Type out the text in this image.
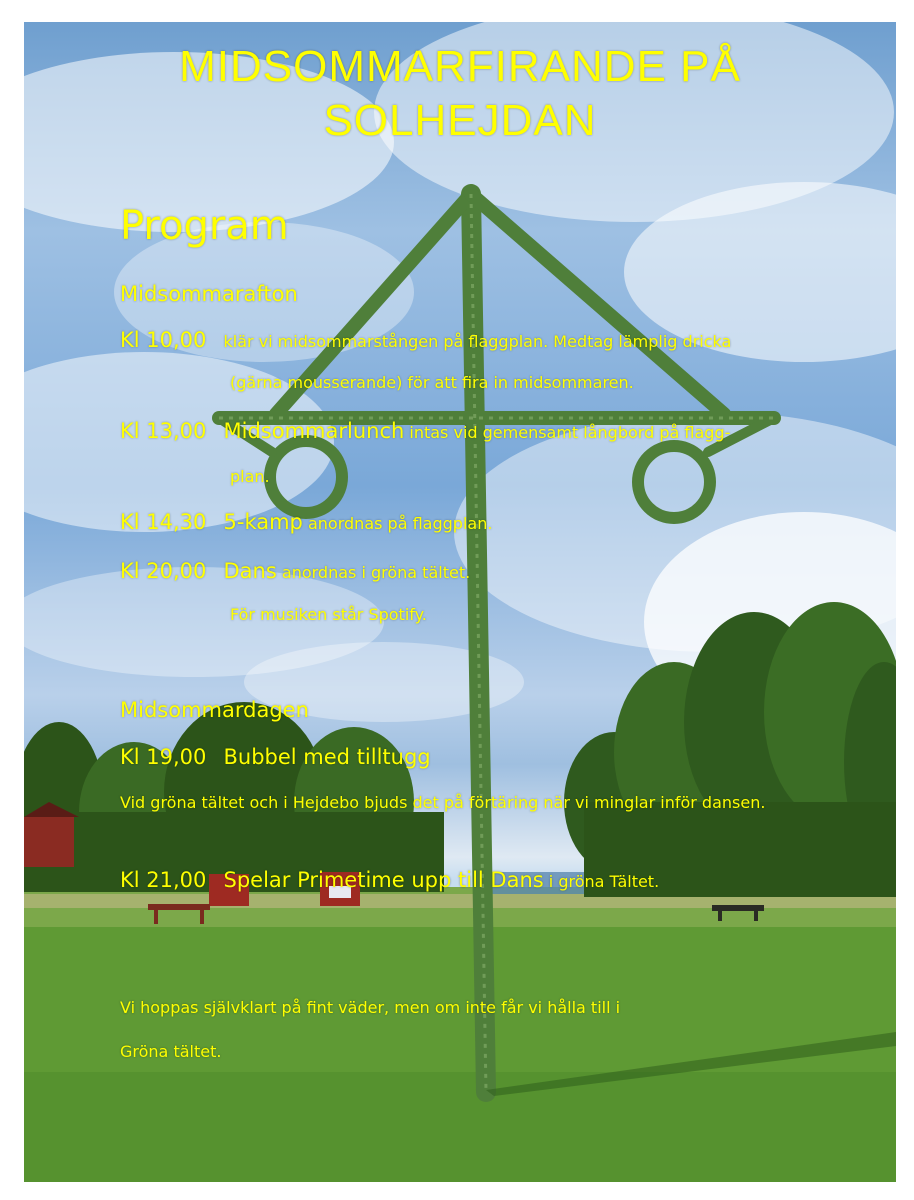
MIDSOMMARFIRANDE PÅ
SOLHEJDAN
Program
Midsommarafton
Kl 10,00 klär vi midsommarstången på flaggplan. Medtag lämplig dricka
(gärna mousserande) för att fira in midsommaren.
Kl 13,00 Midsommarlunch intas vid gemensamt långbord på flagg-
plan.
Kl 14,30 5-kamp anordnas på flaggplan.
Kl 20,00 Dans anordnas i gröna tältet.
För musiken står Spotify.
Midsommardagen
Kl 19,00 Bubbel med tilltugg
Vid gröna tältet och i Hejdebo bjuds det på förtäring när vi minglar inför dansen.
Kl 21,00 Spelar Primetime upp till Dans i gröna Tältet.
Vi hoppas självklart på fint väder, men om inte får vi hålla till i
Gröna tältet.
